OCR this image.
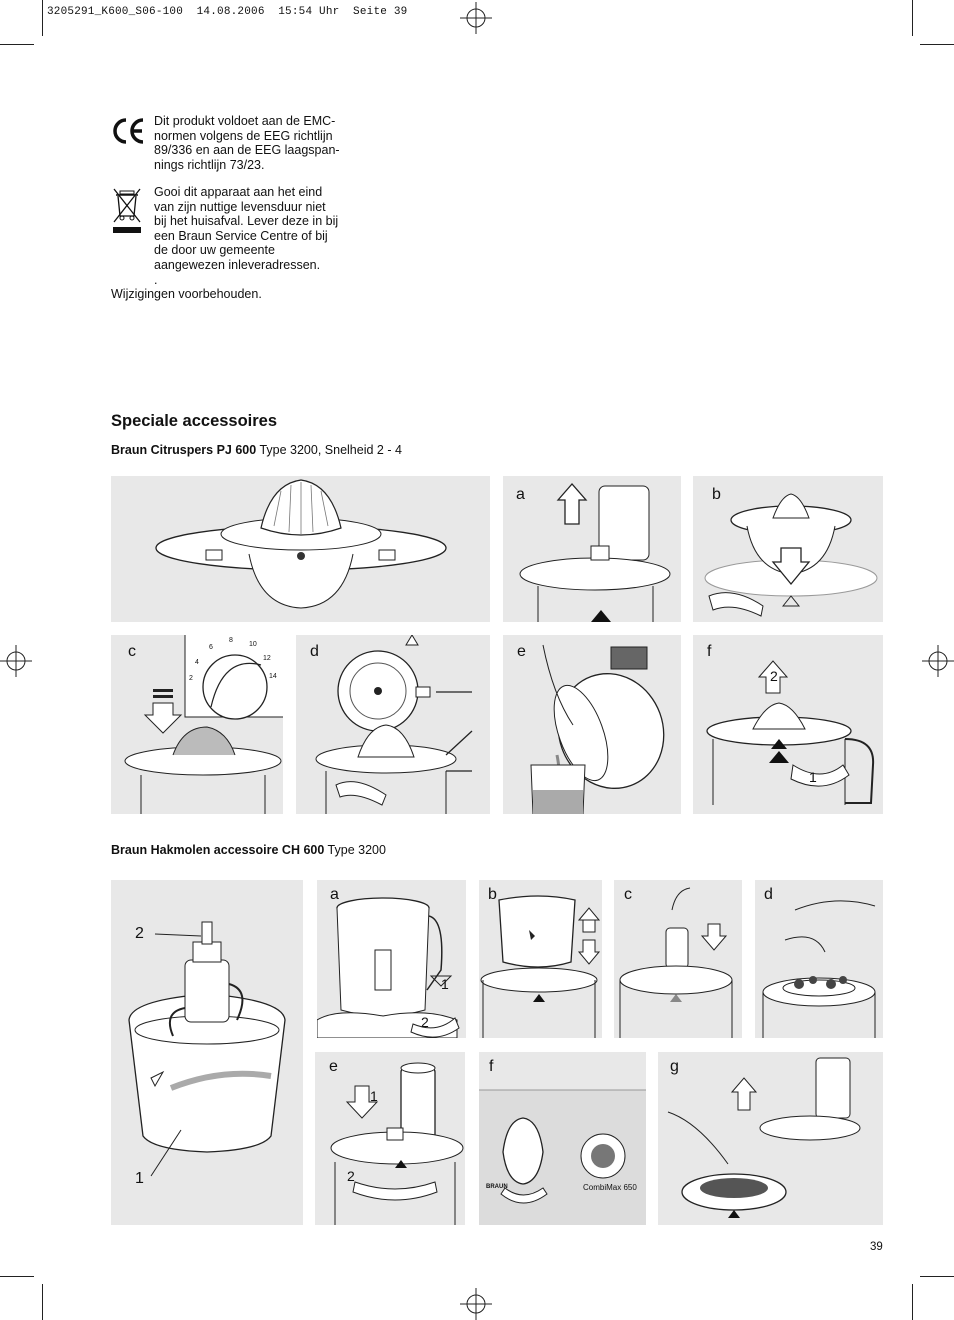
3205291_K600_S06-100  14.08.2006  15:54 Uhr  Seite 39
Dit produkt voldoet aan de EMC-
normen volgens de EEG richtlijn
89/336 en aan de EEG laagspan-
nings richtlijn 73/23.
Gooi dit apparaat aan het eind
van zijn nuttige levensduur niet
bij het huisafval. Lever deze in bij
een Braun Service Centre of bij
de door uw gemeente
aangewezen inleveradressen.
.
Wijzigingen voorbehouden.
Speciale accessoires
Braun Citruspers PJ 600 Type 3200, Snelheid 2 - 4
a	b
c
2
4
6
8
10
12
14
d	e	f
2
1
Braun Hakmolen accessoire CH 600 Type 3200
2
1
a
1
2
b	c	d
e
1
2
f
BRAUN	CombiMax 650
g
39
